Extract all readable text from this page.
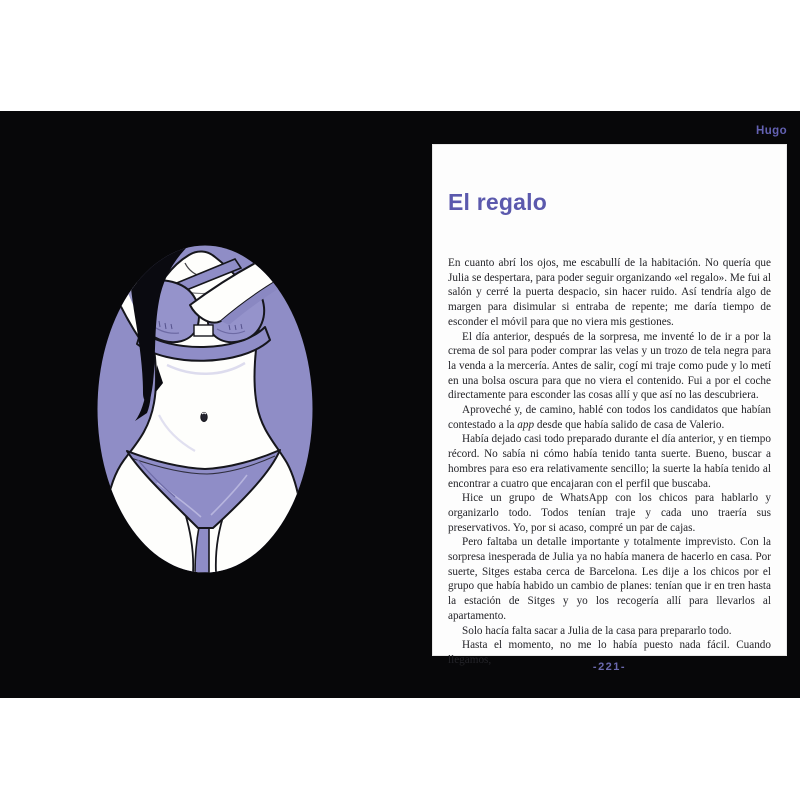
Hugo
El regalo

En cuanto abrí los ojos, me escabullí de la habitación. No quería que Julia se despertara, para poder seguir organizando «el regalo». Me fui al salón y cerré la puerta despacio, sin hacer ruido. Así tendría algo de margen para disimular si entraba de repente; me daría tiempo de esconder el móvil para que no viera mis gestiones.

El día anterior, después de la sorpresa, me inventé lo de ir a por la crema de sol para poder comprar las velas y un trozo de tela negra para la venda a la mercería. Antes de salir, cogí mi traje como pude y lo metí en una bolsa oscura para que no viera el contenido. Fui a por el coche directamente para esconder las cosas allí y que así no las descubriera.

Aproveché y, de camino, hablé con todos los candidatos que habían contestado a la app desde que había salido de casa de Valerio.

Había dejado casi todo preparado durante el día anterior, y en tiempo récord. No sabía ni cómo había tenido tanta suerte. Bueno, buscar a hombres para eso era relativamente sencillo; la suerte la había tenido al encontrar a cuatro que encajaran con el perfil que buscaba.

Hice un grupo de WhatsApp con los chicos para hablarlo y organizarlo todo. Todos tenían traje y cada uno traería sus preservativos. Yo, por si acaso, compré un par de cajas.

Pero faltaba un detalle importante y totalmente imprevisto. Con la sorpresa inesperada de Julia ya no había manera de hacerlo en casa. Por suerte, Sitges estaba cerca de Barcelona. Les dije a los chicos por el grupo que había habido un cambio de planes: tenían que ir en tren hasta la estación de Sitges y yo los recogería allí para llevarlos al apartamento.

Solo hacía falta sacar a Julia de la casa para prepararlo todo.

Hasta el momento, no me lo había puesto nada fácil. Cuando llegamos,

-221-
